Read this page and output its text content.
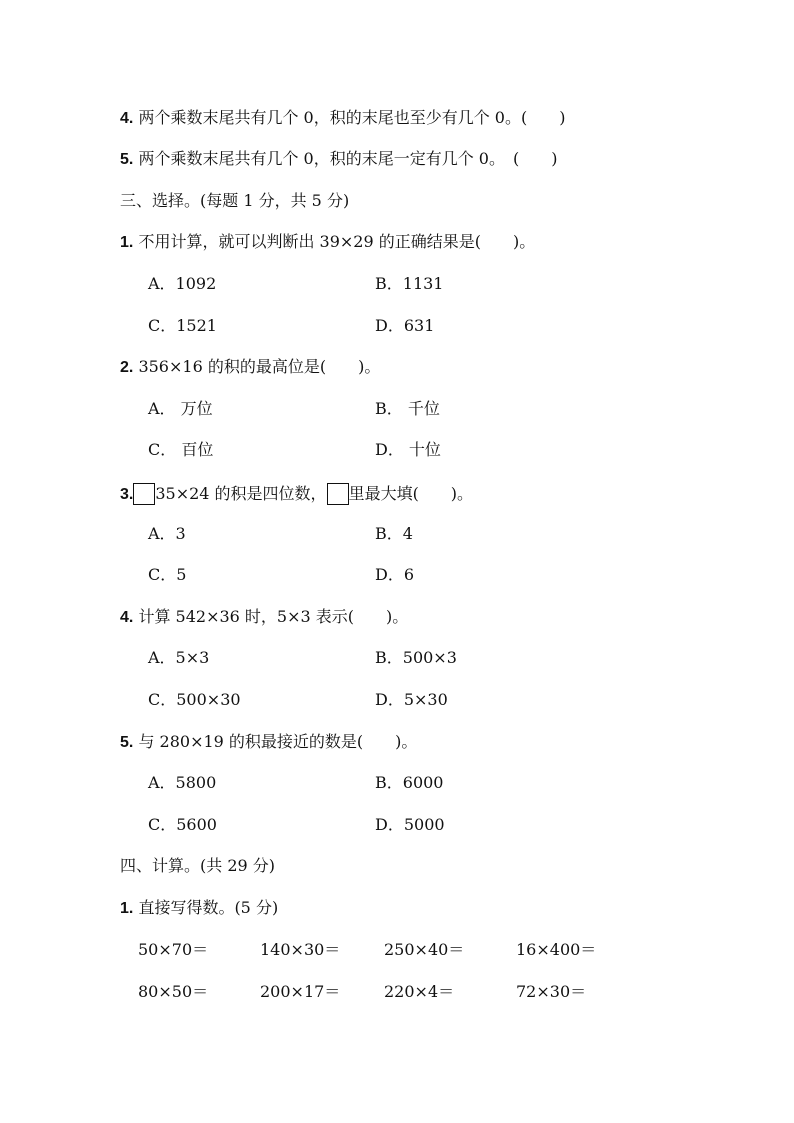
4. 两个乘数末尾共有几个 0，积的末尾也至少有几个 0。(　　)
5. 两个乘数末尾共有几个 0，积的末尾一定有几个 0。　(　　)
三、选择。(每题 1 分，共 5 分)
1. 不用计算，就可以判断出 39×29 的正确结果是(　　)。
A．1092	B．1131
C．1521	D．631
2. 356×16 的积的最高位是(　　)。
A． 万位	B． 千位
C． 百位	D． 十位
3. 35×24 的积是四位数， 里最大填(　　)。
A．3	B．4
C．5	D．6
4. 计算 542×36 时，5×3 表示(　　)。
A．5×3	B．500×3
C．500×30	D．5×30
5. 与 280×19 的积最接近的数是(　　)。
A．5800	B．6000
C．5600	D．5000
四、计算。(共 29 分)
1. 直接写得数。(5 分)
50×70＝	140×30＝	250×40＝	16×400＝
80×50＝	200×17＝	220×4＝	72×30＝
